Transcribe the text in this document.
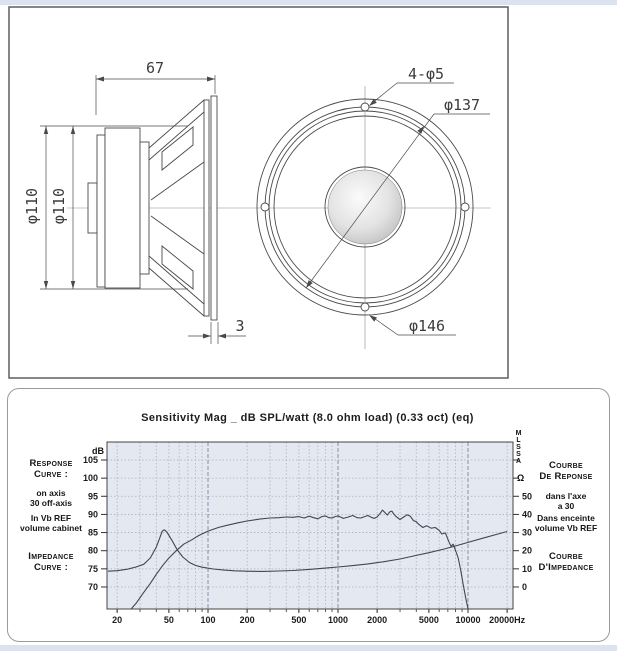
67
φ110 φ110
3
4-φ5
φ137
φ146
Sensitivity Mag _ dB SPL/watt (8.0 ohm load) (0.33 oct) (eq)
105
100
95
90
85
80
75
70
50
40
30
20
10
0
20	50	100	200	500 1000 2000	5000 10000 20000Hz
Response
Curve :
on axis
30 off-axis
In Vb REF
volume cabinet
Impedance
Curve :
Courbe
De Reponse
dans l'axe
a 30
Dans enceinte
volume Vb REF
Courbe
D'Impedance
dB	MLSSA
Ω
